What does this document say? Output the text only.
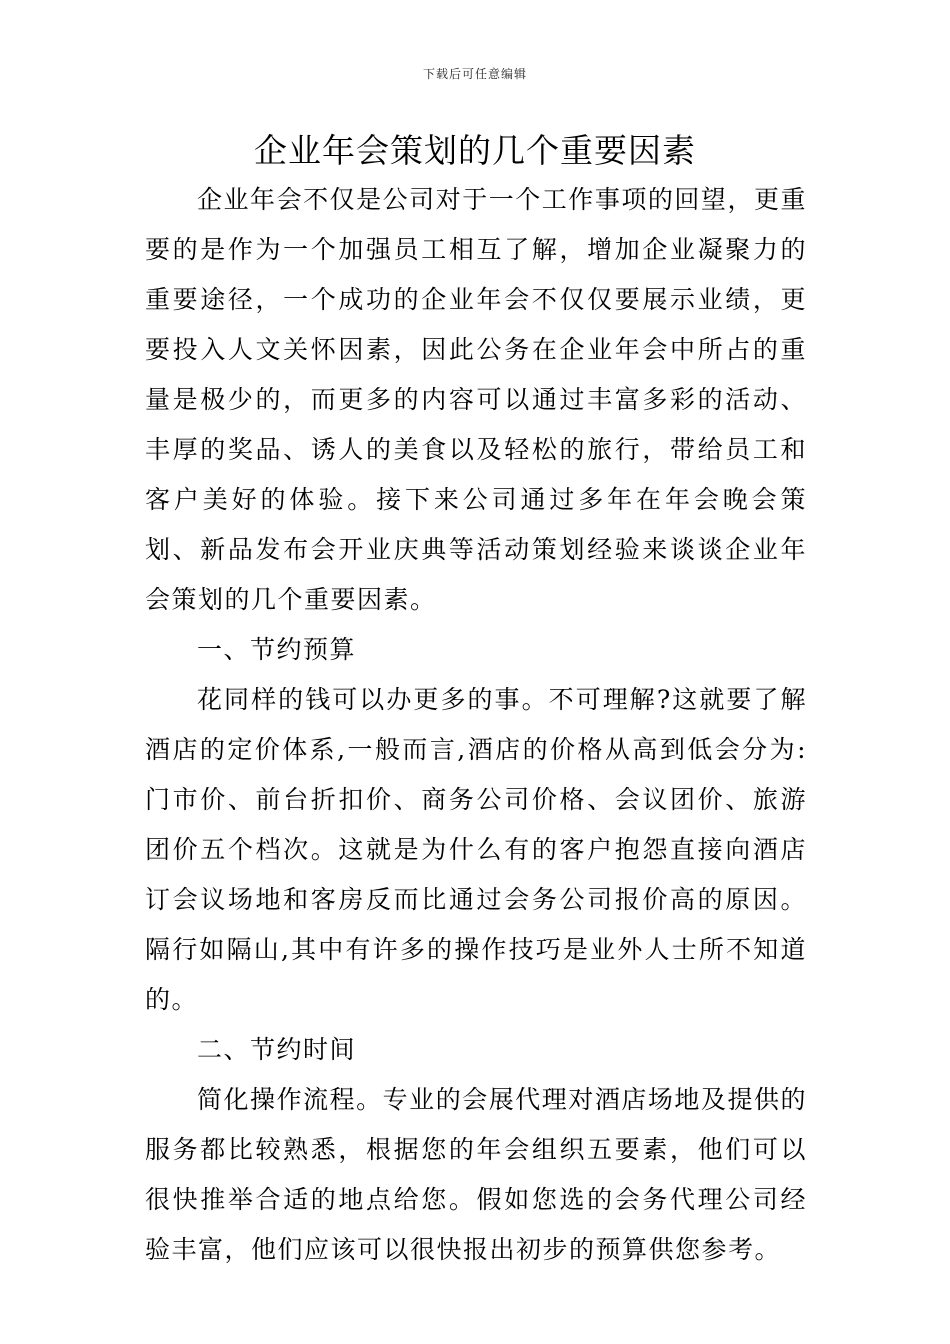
下载后可任意编辑
企业年会策划的几个重要因素

企业年会不仅是公司对于一个工作事项的回望，更重要的是作为一个加强员工相互了解，增加企业凝聚力的重要途径，一个成功的企业年会不仅仅要展示业绩，更要投入人文关怀因素，因此公务在企业年会中所占的重量是极少的，而更多的内容可以通过丰富多彩的活动、丰厚的奖品、诱人的美食以及轻松的旅行，带给员工和客户美好的体验。接下来公司通过多年在年会晚会策划、新品发布会开业庆典等活动策划经验来谈谈企业年会策划的几个重要因素。

一、节约预算

花同样的钱可以办更多的事。不可理解?这就要了解酒店的定价体系,一般而言,酒店的价格从高到低会分为:门市价、前台折扣价、商务公司价格、会议团价、旅游团价五个档次。这就是为什么有的客户抱怨直接向酒店订会议场地和客房反而比通过会务公司报价高的原因。隔行如隔山,其中有许多的操作技巧是业外人士所不知道的。

二、节约时间

简化操作流程。专业的会展代理对酒店场地及提供的服务都比较熟悉，根据您的年会组织五要素，他们可以很快推举合适的地点给您。假如您选的会务代理公司经验丰富，他们应该可以很快报出初步的预算供您参考。
